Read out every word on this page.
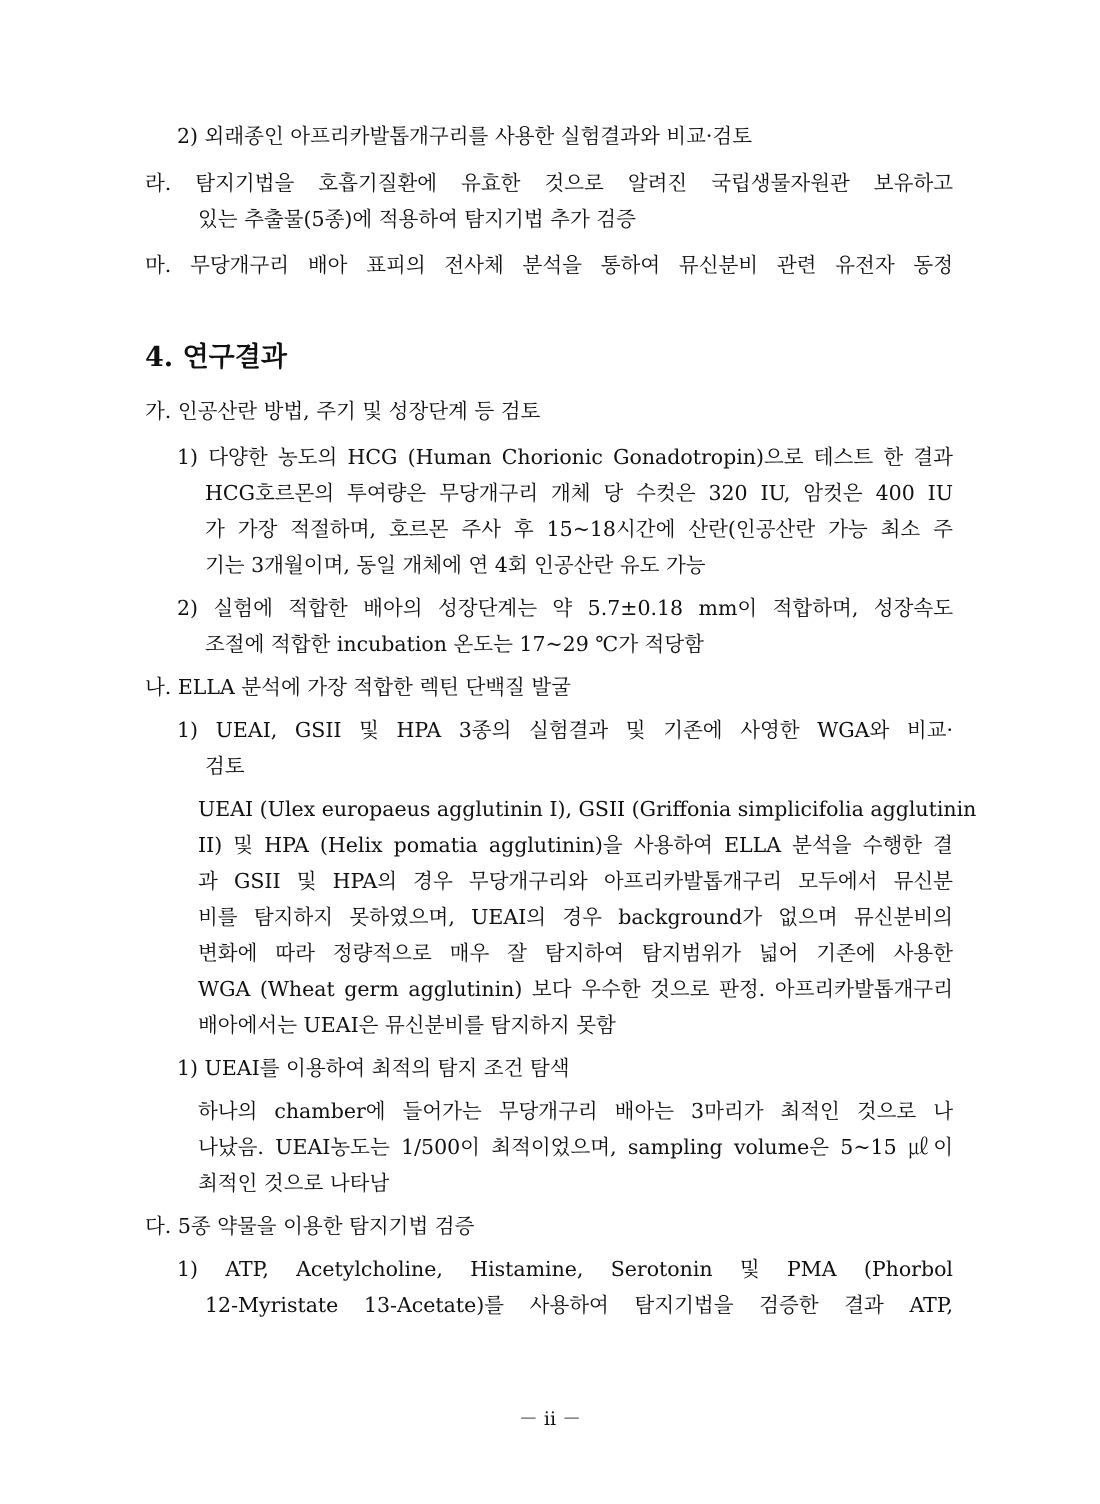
2) 외래종인 아프리카발톱개구리를 사용한 실험결과와 비교·검토
라. 탐지기법을 호흡기질환에 유효한 것으로 알려진 국립생물자원관 보유하고
있는 추출물(5종)에 적용하여 탐지기법 추가 검증
마. 무당개구리 배아 표피의 전사체 분석을 통하여 뮤신분비 관련 유전자 동정
4. 연구결과
가. 인공산란 방법, 주기 및 성장단계 등 검토
1) 다양한 농도의 HCG (Human Chorionic Gonadotropin)으로 테스트 한 결과
HCG호르몬의 투여량은 무당개구리 개체 당 수컷은 320 IU, 암컷은 400 IU
가 가장 적절하며, 호르몬 주사 후 15~18시간에 산란(인공산란 가능 최소 주
기는 3개월이며, 동일 개체에 연 4회 인공산란 유도 가능
2) 실험에 적합한 배아의 성장단계는 약 5.7±0.18 mm이 적합하며, 성장속도
조절에 적합한 incubation 온도는 17~29 ℃가 적당함
나. ELLA 분석에 가장 적합한 렉틴 단백질 발굴
1) UEAI, GSII 및 HPA 3종의 실험결과 및 기존에 사영한 WGA와 비교·
검토
UEAI (Ulex europaeus agglutinin I), GSII (Griffonia simplicifolia agglutinin
II) 및 HPA (Helix pomatia agglutinin)을 사용하여 ELLA 분석을 수행한 결
과 GSII 및 HPA의 경우 무당개구리와 아프리카발톱개구리 모두에서 뮤신분
비를 탐지하지 못하였으며, UEAI의 경우 background가 없으며 뮤신분비의
변화에 따라 정량적으로 매우 잘 탐지하여 탐지범위가 넓어 기존에 사용한
WGA (Wheat germ agglutinin) 보다 우수한 것으로 판정. 아프리카발톱개구리
배아에서는 UEAI은 뮤신분비를 탐지하지 못함
1) UEAI를 이용하여 최적의 탐지 조건 탐색
하나의 chamber에 들어가는 무당개구리 배아는 3마리가 최적인 것으로 나
나났음. UEAI농도는 1/500이 최적이었으며, sampling volume은 5~15 ㎕이
최적인 것으로 나타남
다. 5종 약물을 이용한 탐지기법 검증
1) ATP, Acetylcholine, Histamine, Serotonin 및 PMA (Phorbol
12-Myristate 13-Acetate)를 사용하여 탐지기법을 검증한 결과 ATP,
－ ii －
